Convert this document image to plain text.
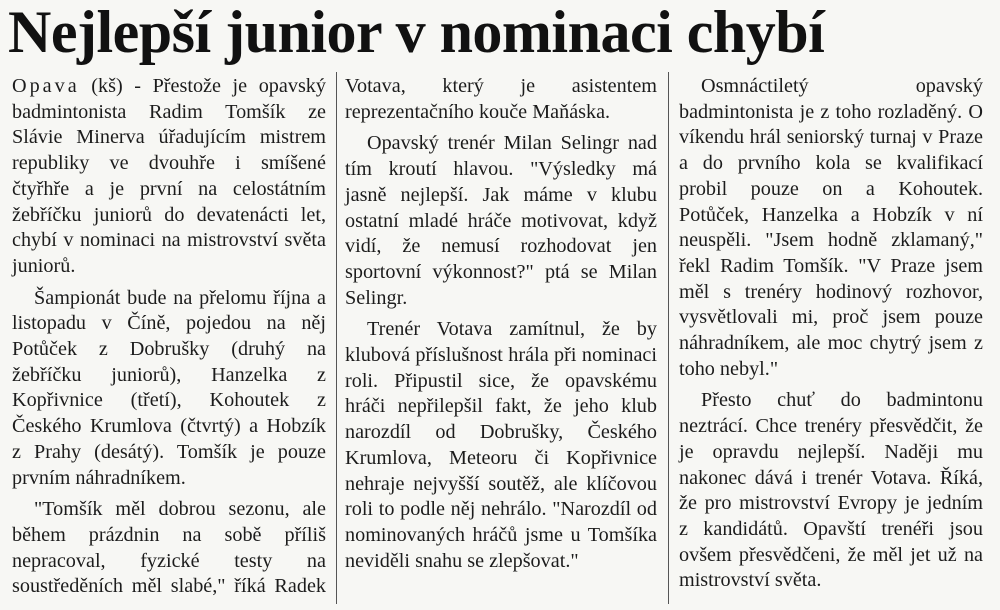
Nejlepší junior v nominaci chybí

Opava (kš) - Přestože je opavský badmintonista Radim Tomšík ze Slávie Minerva úřadujícím mistrem republiky ve dvouhře i smíšené čtyřhře a je první na celostátním žebříčku juniorů do devatenácti let, chybí v nominaci na mistrovství světa juniorů.

Šampionát bude na přelomu října a listopadu v Číně, pojedou na něj Potůček z Dobrušky (druhý na žebříčku juniorů), Hanzelka z Kopřivnice (třetí), Kohoutek z Českého Krumlova (čtvrtý) a Hobzík z Prahy (desátý). Tomšík je pouze prvním náhradníkem.

"Tomšík měl dobrou sezonu, ale během prázdnin na sobě příliš nepracoval, fyzické testy na soustředěních měl slabé," říká Radek

Votava, který je asistentem reprezentačního kouče Maňáska.

Opavský trenér Milan Selingr nad tím kroutí hlavou. "Výsledky má jasně nejlepší. Jak máme v klubu ostatní mladé hráče motivovat, když vidí, že nemusí rozhodovat jen sportovní výkonnost?" ptá se Milan Selingr.

Trenér Votava zamítnul, že by klubová příslušnost hrála při nominaci roli. Připustil sice, že opavskému hráči nepřilepšil fakt, že jeho klub narozdíl od Dobrušky, Českého Krumlova, Meteoru či Kopřivnice nehraje nejvyšší soutěž, ale klíčovou roli to podle něj nehrálo. "Narozdíl od nominovaných hráčů jsme u Tomšíka neviděli snahu se zlepšovat."

Osmnáctiletý opavský badmintonista je z toho rozladěný. O víkendu hrál seniorský turnaj v Praze a do prvního kola se kvalifikací probil pouze on a Kohoutek. Potůček, Hanzelka a Hobzík v ní neuspěli. "Jsem hodně zklamaný," řekl Radim Tomšík. "V Praze jsem měl s trenéry hodinový rozhovor, vysvětlovali mi, proč jsem pouze náhradníkem, ale moc chytrý jsem z toho nebyl."

Přesto chuť do badmintonu neztrácí. Chce trenéry přesvědčit, že je opravdu nejlepší. Naději mu nakonec dává i trenér Votava. Říká, že pro mistrovství Evropy je jedním z kandidátů. Opavští trenéři jsou ovšem přesvědčeni, že měl jet už na mistrovství světa.
